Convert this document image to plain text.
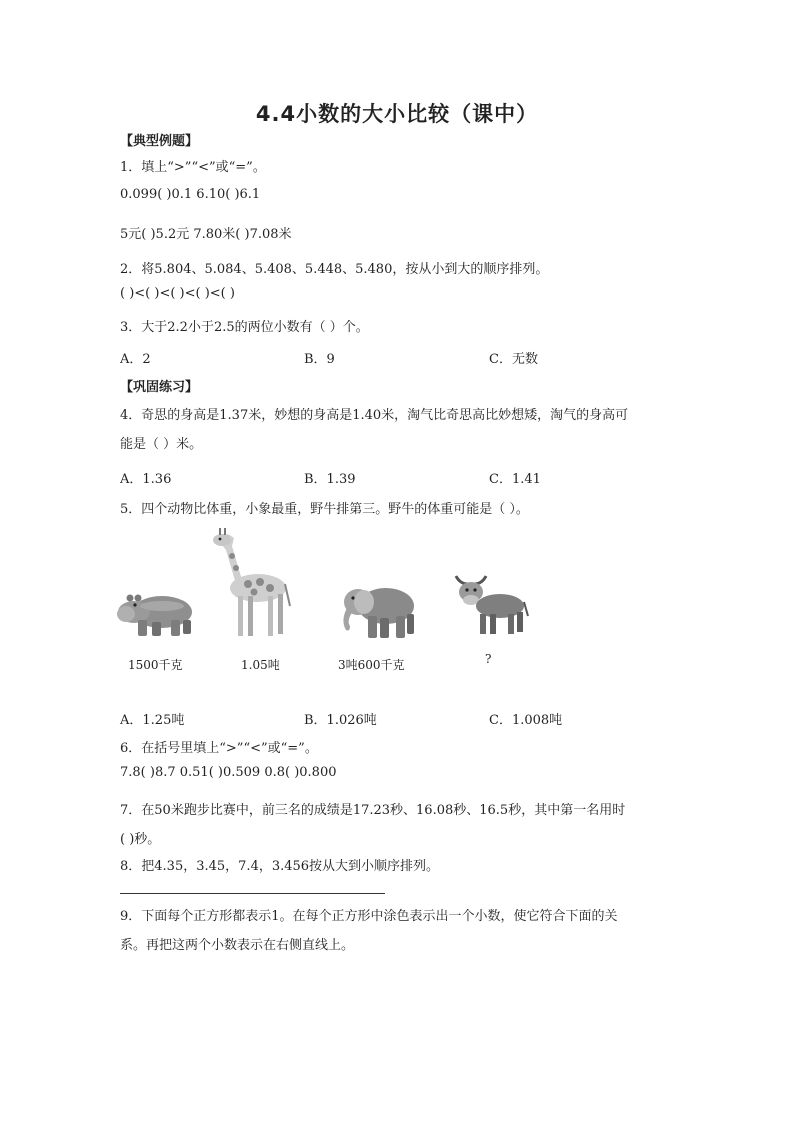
4.4小数的大小比较（课中）
【典型例题】
1．填上“>”“<”或“=”。
0.099( )0.1 6.10( )6.1
5元( )5.2元 7.80米( )7.08米
2．将5.804、5.084、5.408、5.448、5.480，按从小到大的顺序排列。
( )<( )<( )<( )<( )
3．大于2.2小于2.5的两位小数有（ ）个。
A．2	B．9	C．无数
【巩固练习】
4．奇思的身高是1.37米，妙想的身高是1.40米，淘气比奇思高比妙想矮，淘气的身高可
能是（ ）米。
A．1.36	B．1.39	C．1.41
5．四个动物比体重，小象最重，野牛排第三。野牛的体重可能是（ ）。
1500千克	1.05吨	3吨600千克	?
A．1.25吨	B．1.026吨	C．1.008吨
6．在括号里填上“>”“<”或“=”。
7.8( )8.7 0.51( )0.509 0.8( )0.800
7．在50米跑步比赛中，前三名的成绩是17.23秒、16.08秒、16.5秒，其中第一名用时
( )秒。
8．把4.35，3.45，7.4，3.456按从大到小顺序排列。
9．下面每个正方形都表示1。在每个正方形中涂色表示出一个小数，使它符合下面的关
系。再把这两个小数表示在右侧直线上。
